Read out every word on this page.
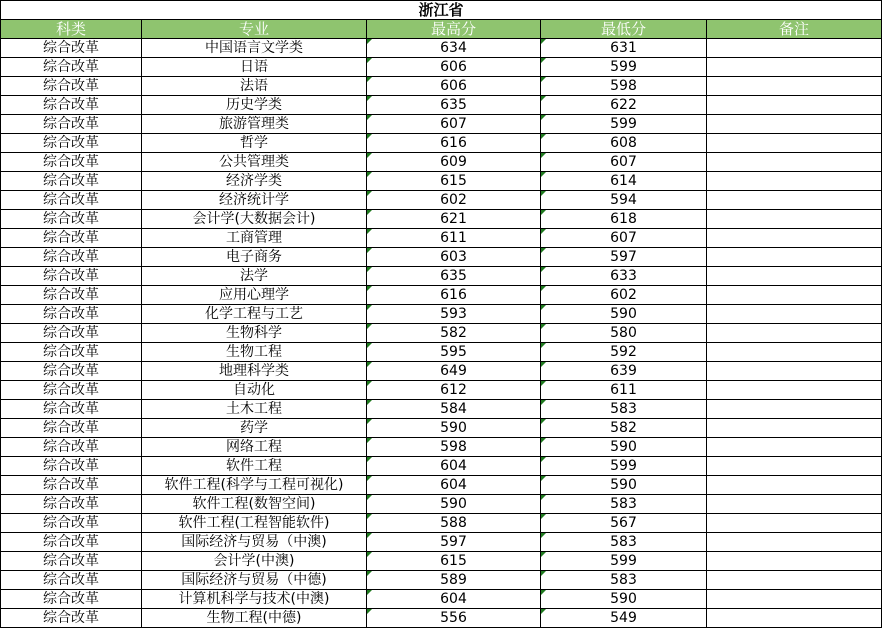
浙江省				
科类	专业	最高分	最低分	备注
综合改革	中国语言文学类	634	631	
综合改革	日语	606	599	
综合改革	法语	606	598	
综合改革	历史学类	635	622	
综合改革	旅游管理类	607	599	
综合改革	哲学	616	608	
综合改革	公共管理类	609	607	
综合改革	经济学类	615	614	
综合改革	经济统计学	602	594	
综合改革	会计学(大数据会计)	621	618	
综合改革	工商管理	611	607	
综合改革	电子商务	603	597	
综合改革	法学	635	633	
综合改革	应用心理学	616	602	
综合改革	化学工程与工艺	593	590	
综合改革	生物科学	582	580	
综合改革	生物工程	595	592	
综合改革	地理科学类	649	639	
综合改革	自动化	612	611	
综合改革	土木工程	584	583	
综合改革	药学	590	582	
综合改革	网络工程	598	590	
综合改革	软件工程	604	599	
综合改革	软件工程(科学与工程可视化)	604	590	
综合改革	软件工程(数智空间)	590	583	
综合改革	软件工程(工程智能软件)	588	567	
综合改革	国际经济与贸易（中澳)	597	583	
综合改革	会计学(中澳)	615	599	
综合改革	国际经济与贸易（中德)	589	583	
综合改革	计算机科学与技术(中澳)	604	590	
综合改革	生物工程(中德)	556	549	
